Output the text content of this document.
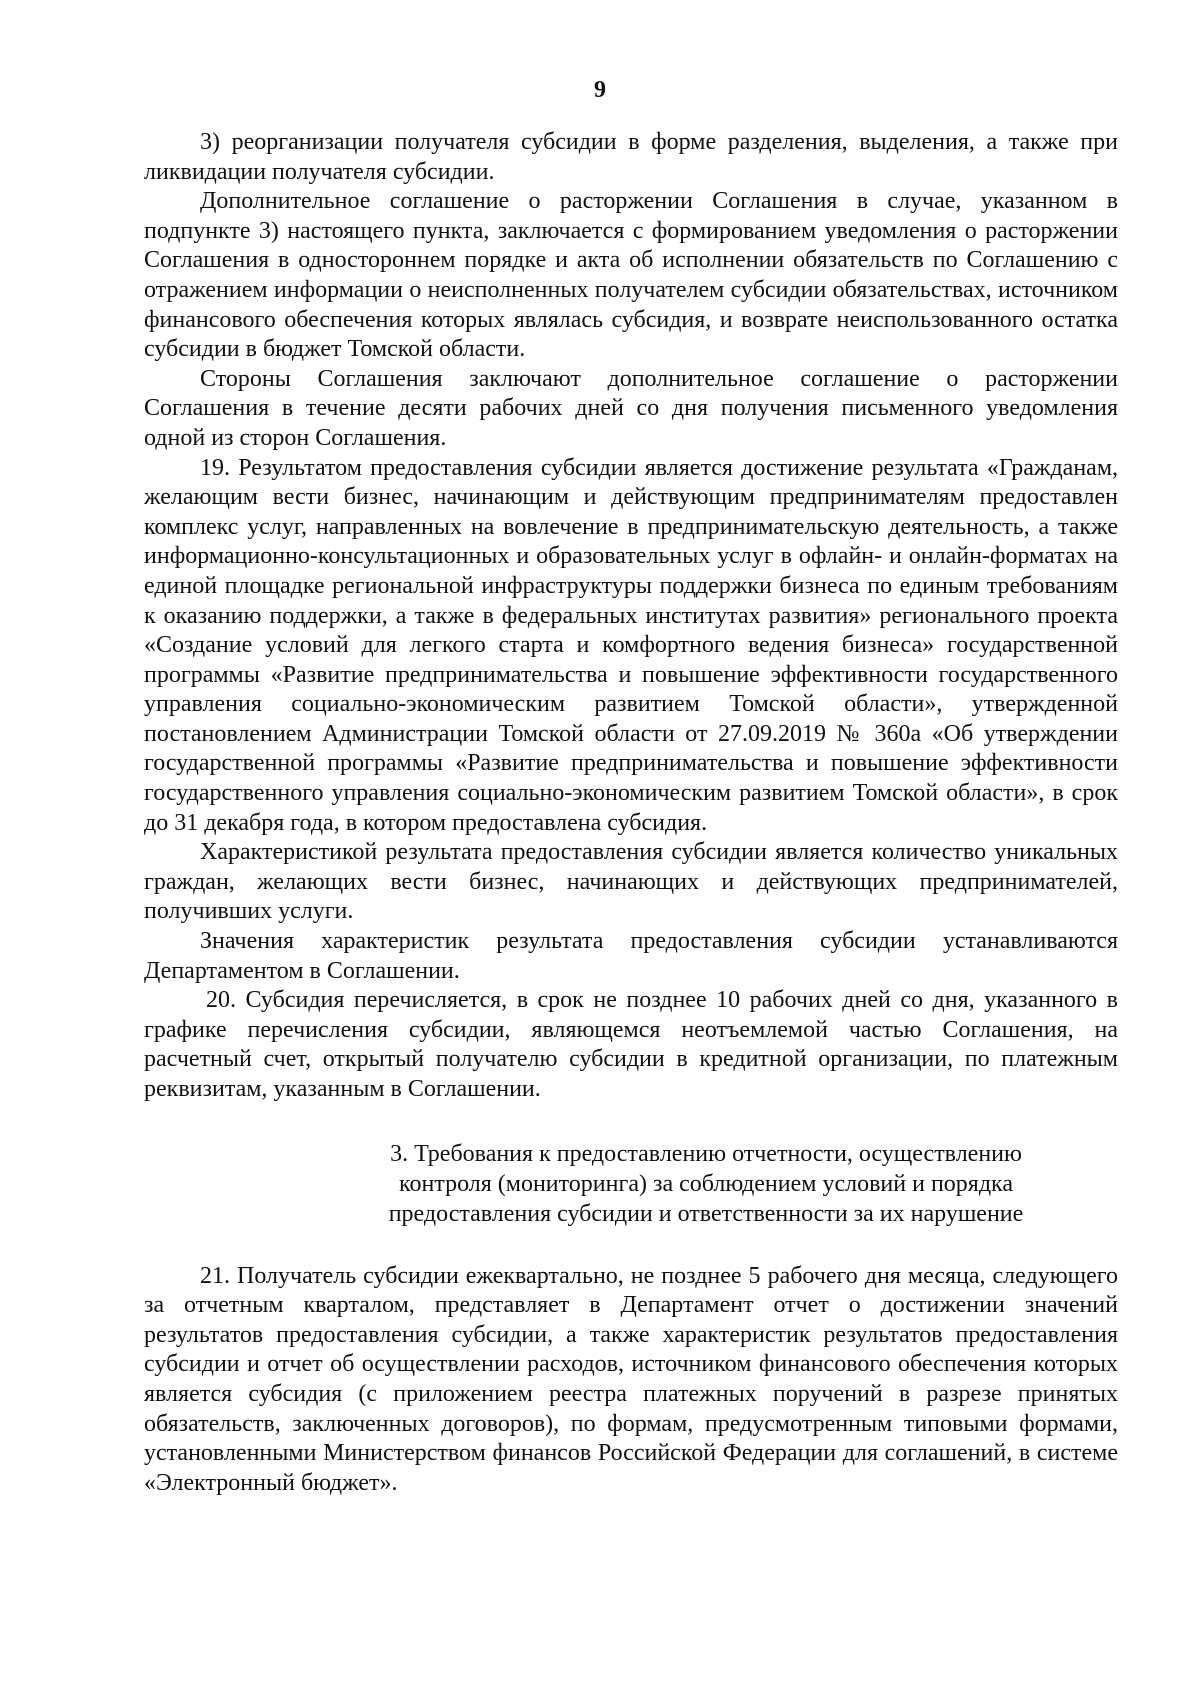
9

3) реорганизации получателя субсидии в форме разделения, выделения, а также при ликвидации получателя субсидии.

Дополнительное соглашение о расторжении Соглашения в случае, указанном в подпункте 3) настоящего пункта, заключается с формированием уведомления о расторжении Соглашения в одностороннем порядке и акта об исполнении обязательств по Соглашению с отражением информации о неисполненных получателем субсидии обязательствах, источником финансового обеспечения которых являлась субсидия, и возврате неиспользованного остатка субсидии в бюджет Томской области.

Стороны Соглашения заключают дополнительное соглашение о расторжении Соглашения в течение десяти рабочих дней со дня получения письменного уведомления одной из сторон Соглашения.

19. Результатом предоставления субсидии является достижение результата «Гражданам, желающим вести бизнес, начинающим и действующим предпринимателям предоставлен комплекс услуг, направленных на вовлечение в предпринимательскую деятельность, а также информационно-консультационных и образовательных услуг в офлайн- и онлайн-форматах на единой площадке региональной инфраструктуры поддержки бизнеса по единым требованиям к оказанию поддержки, а также в федеральных институтах развития» регионального проекта «Создание условий для легкого старта и комфортного ведения бизнеса» государственной программы «Развитие предпринимательства и повышение эффективности государственного управления социально-экономическим развитием Томской области», утвержденной постановлением Администрации Томской области от 27.09.2019 № 360а «Об утверждении государственной программы «Развитие предпринимательства и повышение эффективности государственного управления социально-экономическим развитием Томской области», в срок до 31 декабря года, в котором предоставлена субсидия.

Характеристикой результата предоставления субсидии является количество уникальных граждан, желающих вести бизнес, начинающих и действующих предпринимателей, получивших услуги.

Значения характеристик результата предоставления субсидии устанавливаются Департаментом в Соглашении.

20. Субсидия перечисляется, в срок не позднее 10 рабочих дней со дня, указанного в графике перечисления субсидии, являющемся неотъемлемой частью Соглашения, на расчетный счет, открытый получателю субсидии в кредитной организации, по платежным реквизитам, указанным в Соглашении.

3. Требования к предоставлению отчетности, осуществлению
контроля (мониторинга) за соблюдением условий и порядка
предоставления субсидии и ответственности за их нарушение

21. Получатель субсидии ежеквартально, не позднее 5 рабочего дня месяца, следующего за отчетным кварталом, представляет в Департамент отчет о достижении значений результатов предоставления субсидии, а также характеристик результатов предоставления субсидии и отчет об осуществлении расходов, источником финансового обеспечения которых является субсидия (с приложением реестра платежных поручений в разрезе принятых обязательств, заключенных договоров), по формам, предусмотренным типовыми формами, установленными Министерством финансов Российской Федерации для соглашений, в системе «Электронный бюджет».
